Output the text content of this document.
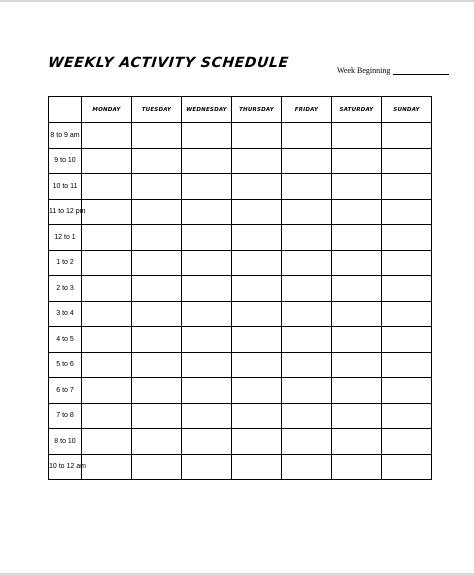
WEEKLY ACTIVITY SCHEDULE	Week Beginning
	MONDAY	TUESDAY	WEDNESDAY	THURSDAY	FRIDAY	SATURDAY	SUNDAY
8 to 9 am							
9 to 10							
10 to 11							
11 to 12 pm							
12 to 1							
1 to 2							
2 to 3							
3 to 4							
4 to 5							
5 to 6							
6 to 7							
7 to 8							
8 to 10							
10 to 12 am							
